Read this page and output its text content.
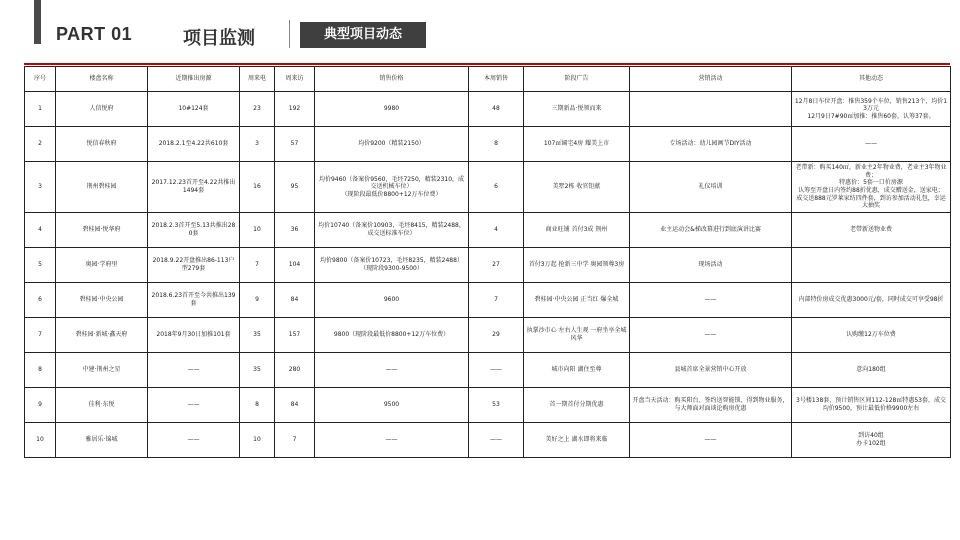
PART 01	项目监测	典型项目动态
序号	楼盘名称	近期推出房源	周来电	周来访	销售价格	本周销售	阶段广告	营销活动	其他动态
1	人信悦府	10#124套	23	192	9980	48	三期新品·悦领而来		12月8日车位开盘：推售359个车位，销售213个，均价13万元
12月9日7#90㎡加推：推售60套，认筹37套。
2	悦信春秋府	2018.2.1至4.22共610套	3	57	均价9200（精装2150）	8	107㎡阔宅4房 耀美上市	专场活动：幼儿园画节DIY活动	——
3	荆州碧桂园	2017.12.23首开至4.22共推出1494套	16	95	均价9460（备案价9560，毛坯7250，精装2310，成交送机械车位）
（现阶段最低价8800+12万车位费）	6	美墅2栋 收官钜献	礼仪培训	老带新：购买140㎡，新业主2年物业费，老业主3年物业费；
特惠价：5套一口价房源
认筹至开盘日内签约88折优惠，成交赠送金，送家电；
成交送888元罗莱家纺四件套，到访参加活动礼包，幸运大抽奖
4	碧桂园·悦华府	2018.2.3首开至5.13共推出280套	10	36	均价10740（备案价10903，毛坯8415，精装2488，成交送标准车位）	4	商业旺铺 首付3成 荆州	业主运动会&梯改幕进行到底演讲比赛	老带新送物业费
5	奥园·学府里	2018.9.22开盘推出86-113户型279套	7	104	均价9800（备案价10723，毛坯8235，精装2488）（现阶段9300-9500）	27	首付3万起 抢新三中学 奥园领尊3房	现场活动	
6	碧桂园·中央公园	2018.6.23首开至今共推出139套	9	84	9600	7	碧桂园·中央公园 正当红 爆全城	——	内部特价房成交优惠3000元/套，同时成交可享受98折
7	碧桂园·新城·鑫天府	2018年9月30日加推101套	35	157	9800（现阶段最低价8800+12万车位费）	29	执掌沙市心 左右人生观 一府坐享全城风华	——	认购缴12万车位费
8	中建·荆州之星	——	35	280	——	——	城市向阳 湖住至尊	县城首席全景营销中心开放	意向180组
9	佳利·东悦	——	8	84	9500	53	首一期首付分期优惠	开盘当天活动：购买阳台、签约送智能锁、得到物业服务，与大师面对面谈论购房优惠	3号楼138套，预计销售区间112-128㎡特惠53套，成交均价9500，预计最低价格9900左右
10	雅居乐·锦城	——	10	7	——	——	美好之上 湖水即将来临	——	到访40组
办卡102组
